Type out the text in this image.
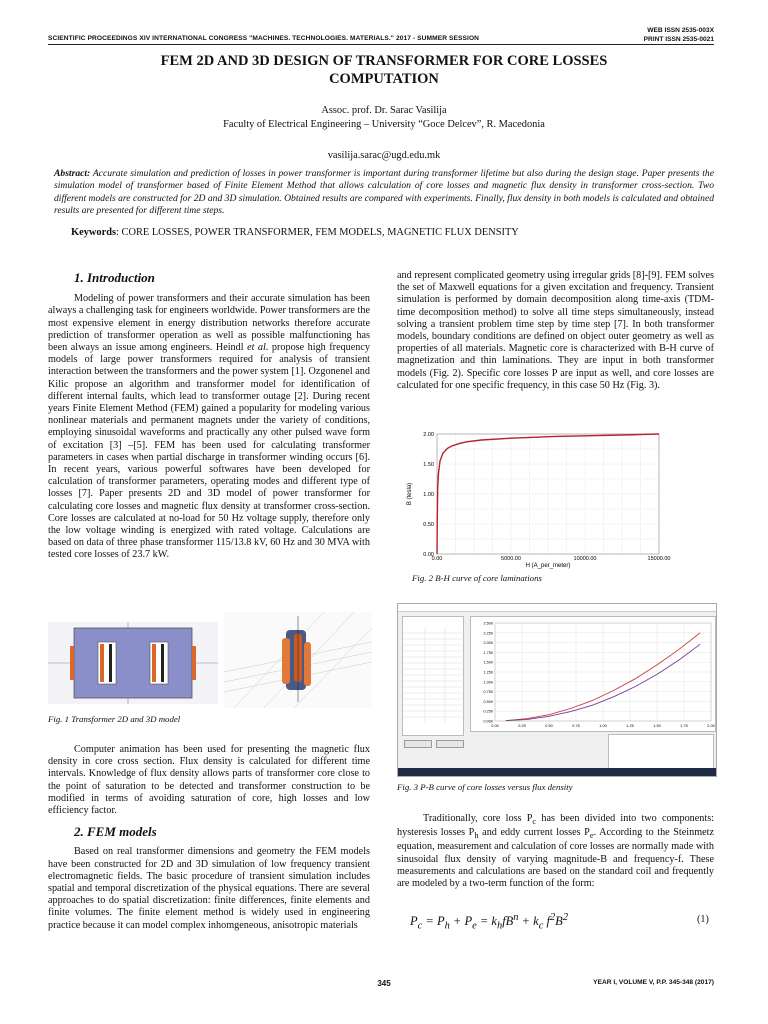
SCIENTIFIC PROCEEDINGS XIV INTERNATIONAL CONGRESS "MACHINES. TECHNOLOGIES. MATERIALS." 2017 - SUMMER SESSION
WEB ISSN 2535-003X
PRINT ISSN 2535-0021
FEM 2D AND 3D DESIGN OF TRANSFORMER FOR CORE LOSSES
COMPUTATION
Assoc. prof. Dr. Sarac Vasilija
Faculty of Electrical Engineering – University “Goce Delcev”, R. Macedonia
vasilija.sarac@ugd.edu.mk
Abstract: Accurate simulation and prediction of losses in power transformer is important during transformer lifetime but also during the design stage. Paper presents the simulation model of transformer based of Finite Element Method that allows calculation of core losses and magnetic flux density in transformer cross-section. Two different models are constructed for 2D and 3D simulation. Obtained results are compared with experiments. Finally, flux density in both models is calculated and obtained results are presented for different time steps.
Keywords: CORE LOSSES, POWER TRANSFORMER, FEM MODELS, MAGNETIC FLUX DENSITY
1. Introduction

Modeling of power transformers and their accurate simulation has been always a challenging task for engineers worldwide. Power transformers are the most expensive element in energy distribution networks therefore accurate prediction of transformer operation as well as possible malfunctioning has been always an issue among engineers. Heindl et al. propose high frequency models of large power transformers required for analysis of transient interaction between the transformers and the power system [1]. Ozgonenel and Kilic propose an algorithm and transformer model for identification of different internal faults, which lead to transformer outage [2]. During recent years Finite Element Method (FEM) gained a popularity for modeling various nonlinear materials and permanent magnets under the variety of conditions, employing sinusoidal waveforms and practically any other pulsed wave form of excitation [3] –[5]. FEM has been used for calculating transformer parameters in cases when partial discharge in transformer winding occurs [6]. In recent years, various powerful softwares have been developed for calculation of transformer parameters, operating modes and different type of losses [7]. Paper presents 2D and 3D model of power transformer for calculating core losses and magnetic flux density at transformer cross-section. Core losses are calculated at no-load for 50 Hz voltage supply, therefore only the low voltage winding is energized with rated voltage. Calculations are based on data of three phase transformer 115/13.8 kV, 60 Hz and 30 MVA with tested core losses of 23.7 kW.

Fig. 1 Transformer 2D and 3D model

Computer animation has been used for presenting the magnetic flux density in core cross section. Flux density is calculated for different time intervals. Knowledge of flux density allows parts of transformer core close to the point of saturation to be detected and transformer construction to be modified in terms of avoiding saturation of core, high losses and low efficiency factor.

2. FEM models

Based on real transformer dimensions and geometry the FEM models have been constructed for 2D and 3D simulation of low frequency transient electromagnetic fields. The basic procedure of transient simulation includes spatial and temporal discretization of the physical equations. There are several approaches to do spatial discretization: finite differences, finite elements and finite volumes. The finite element method is widely used in engineering practice because it can model complex inhomgeneous, anisotropic materials

and represent complicated geometry using irregular grids [8]-[9]. FEM solves the set of Maxwell equations for a given excitation and frequency. Transient simulation is performed by domain decomposition along time-axis (TDM-time decomposition method) to solve all time steps simultaneously, instead solving a transient problem time step by time step [7]. In both transformer models, boundary conditions are defined on object outer geometry as well as properties of all materials. Magnetic core is characterized with B-H curve of magnetization and thin laminations. They are input in both transformer models (Fig. 2). Specific core losses P are input as well, and core losses are calculated for one specific frequency, in this case 50 Hz (Fig. 3).

0.00	5000.00	10000.00	15000.00
0.00
0.50
1.00
1.50
2.00
H (A_per_meter)
B (tesla)
Fig. 2 B-H curve of core laminations
0.00	0.25	0.50	0.75	1.00	1.25	1.50	1.75	2.00
0.000
0.250
0.500
0.750
1.000
1.250
1.500
1.750
2.000
2.250
2.500
Fig. 3 P-B curve of core losses versus flux density

Traditionally, core loss $P_c$ has been divided into two components: hysteresis losses $P_h$ and eddy current losses $P_e$. According to the Steinmetz equation, measurement and calculation of core losses are normally made with sinusoidal flux density of varying magnitude-B and frequency-f. These measurements and calculations are based on the standard coil and frequently are modeled by a two-term function of the form:

$P_c = P_h + P_e = k_hfB^n + k_c$ $f^2B^2$	(1)
345	YEAR I, VOLUME V, P.P. 345-348 (2017)
